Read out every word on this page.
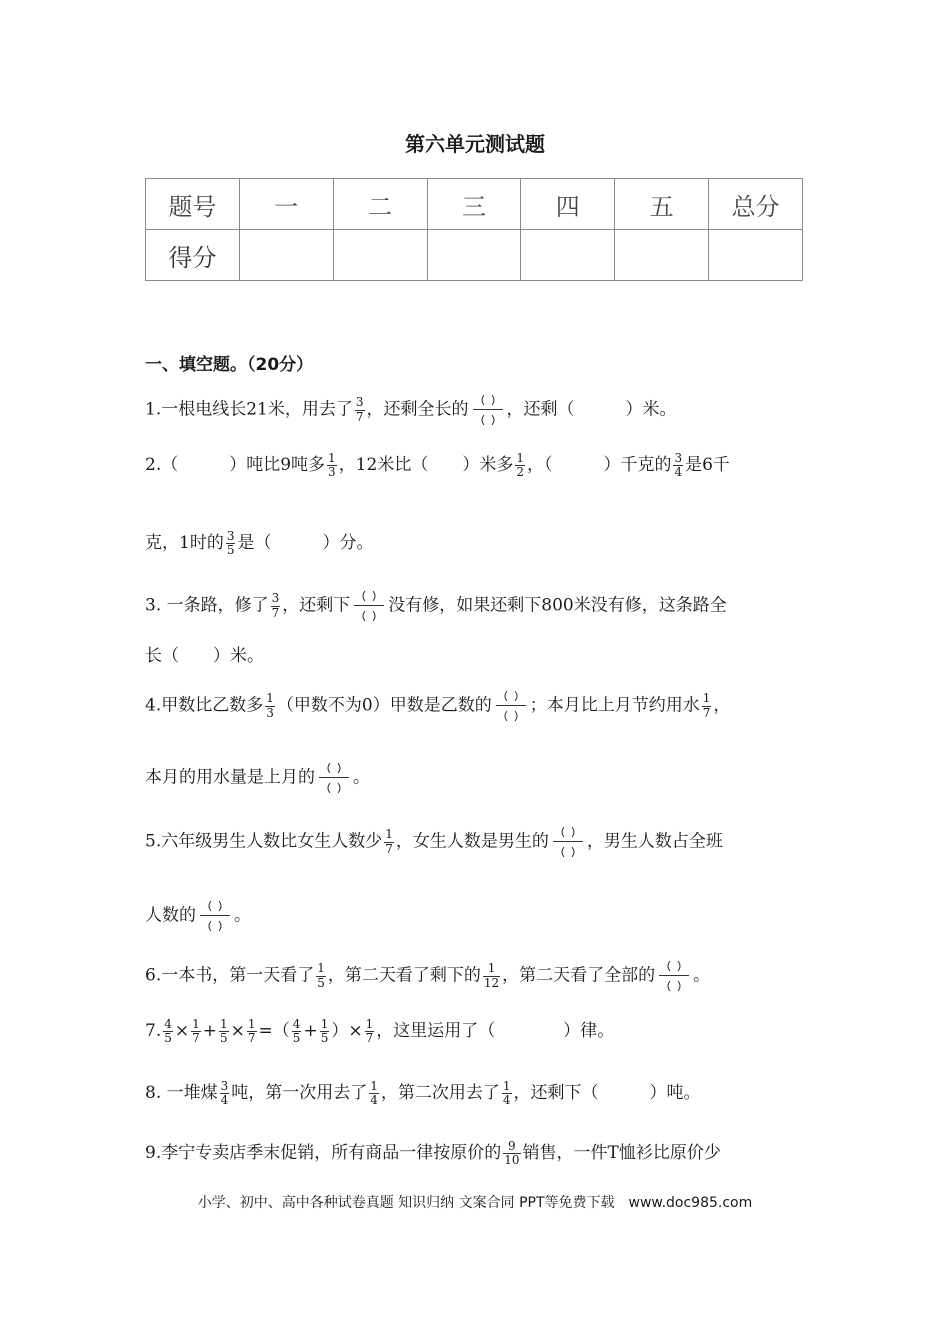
第六单元测试题
题号	一	二	三	四	五	总分
得分						
一、填空题。（20分）
1.一根电线长21米，用去了 $\frac{3}{7}$ ，还剩全长的 ，还剩（　　　）米。
2.（　　　）吨比9吨多 $\frac{1}{3}$ ，12米比（　　）米多 $\frac{1}{2}$ ，（　　　）千克的 $\frac{3}{4}$ 是6千
克，1时的 $\frac{3}{5}$ 是（　　　）分。
3. 一条路，修了 $\frac{3}{7}$ ，还剩下 没有修，如果还剩下800米没有修，这条路全
长（　　）米。
4.甲数比乙数多 $\frac{1}{3}$ （甲数不为0）甲数是乙数的 ；本月比上月节约用水 $\frac{1}{7}$ ，
本月的用水量是上月的 。
5.六年级男生人数比女生人数少 $\frac{1}{7}$ ，女生人数是男生的 ，男生人数占全班
人数的 。
6.一本书，第一天看了 $\frac{1}{5}$ ，第二天看了剩下的 $\frac{1}{12}$ ，第二天看了全部的 。
7. $\frac{4}{5} \times \frac{1}{7} + \frac{1}{5} \times \frac{1}{7}$ =（ $\frac{4}{5} + \frac{1}{5}$ ）× $\frac{1}{7}$ ，这里运用了（　　　　）律。
8. 一堆煤 $\frac{3}{4}$ 吨，第一次用去了 $\frac{1}{4}$ ，第二次用去了 $\frac{1}{4}$ ，还剩下（　　　）吨。
9.李宁专卖店季末促销，所有商品一律按原价的 $\frac{9}{10}$ 销售，一件T恤衫比原价少
小学、初中、高中各种试卷真题 知识归纳 文案合同 PPT等免费下载　www.doc985.com
